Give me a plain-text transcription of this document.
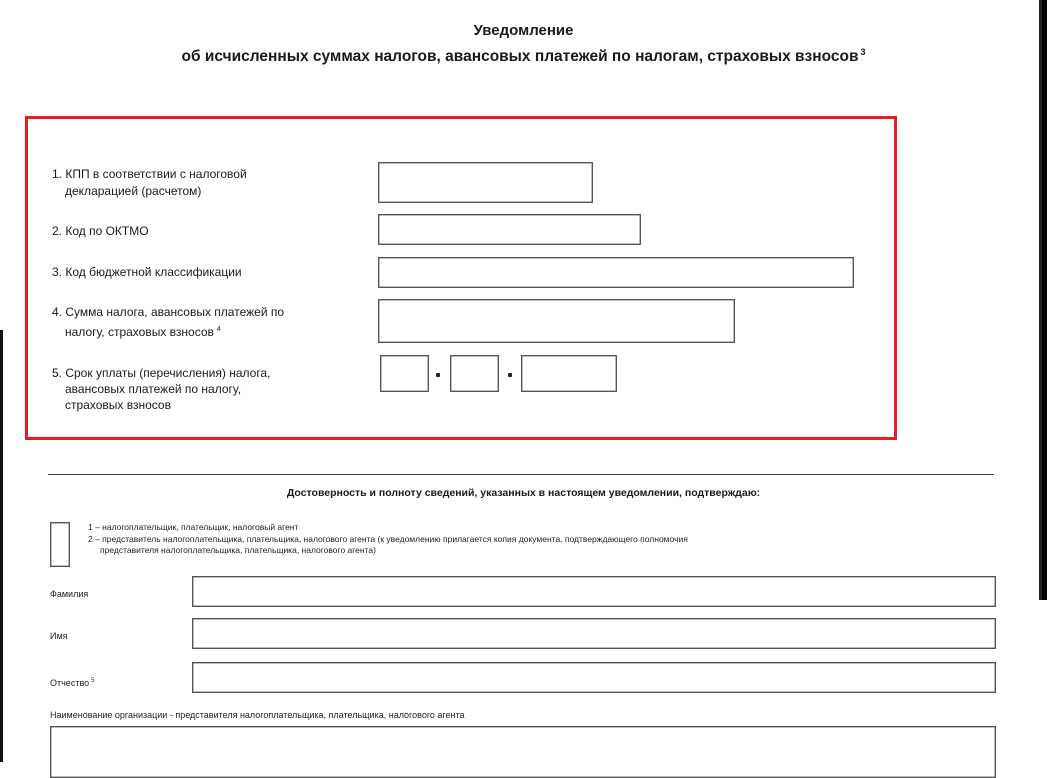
Уведомление
об исчисленных суммах налогов, авансовых платежей по налогам, страховых взносов $^3$

1. КПП в соответствии с налоговой
декларацией (расчетом)

2. Код по ОКТМО

3. Код бюджетной классификации

4. Сумма налога, авансовых платежей по
налогу, страховых взносов $^4$

5. Срок уплаты (перечисления) налога,
авансовых платежей по налогу,
страховых взносов

Достоверность и полноту сведений, указанных в настоящем уведомлении, подтверждаю:

1 – налогоплательщик, плательщик, налоговый агент

2 – представитель налогоплательщика, плательщика, налогового агента (к уведомлению прилагается копия документа, подтверждающего полномочия
представителя налогоплательщика, плательщика, налогового агента)

Фамилия

Имя

Отчество $^5$

Наименование организации - представителя налогоплательщика, плательщика, налогового агента
